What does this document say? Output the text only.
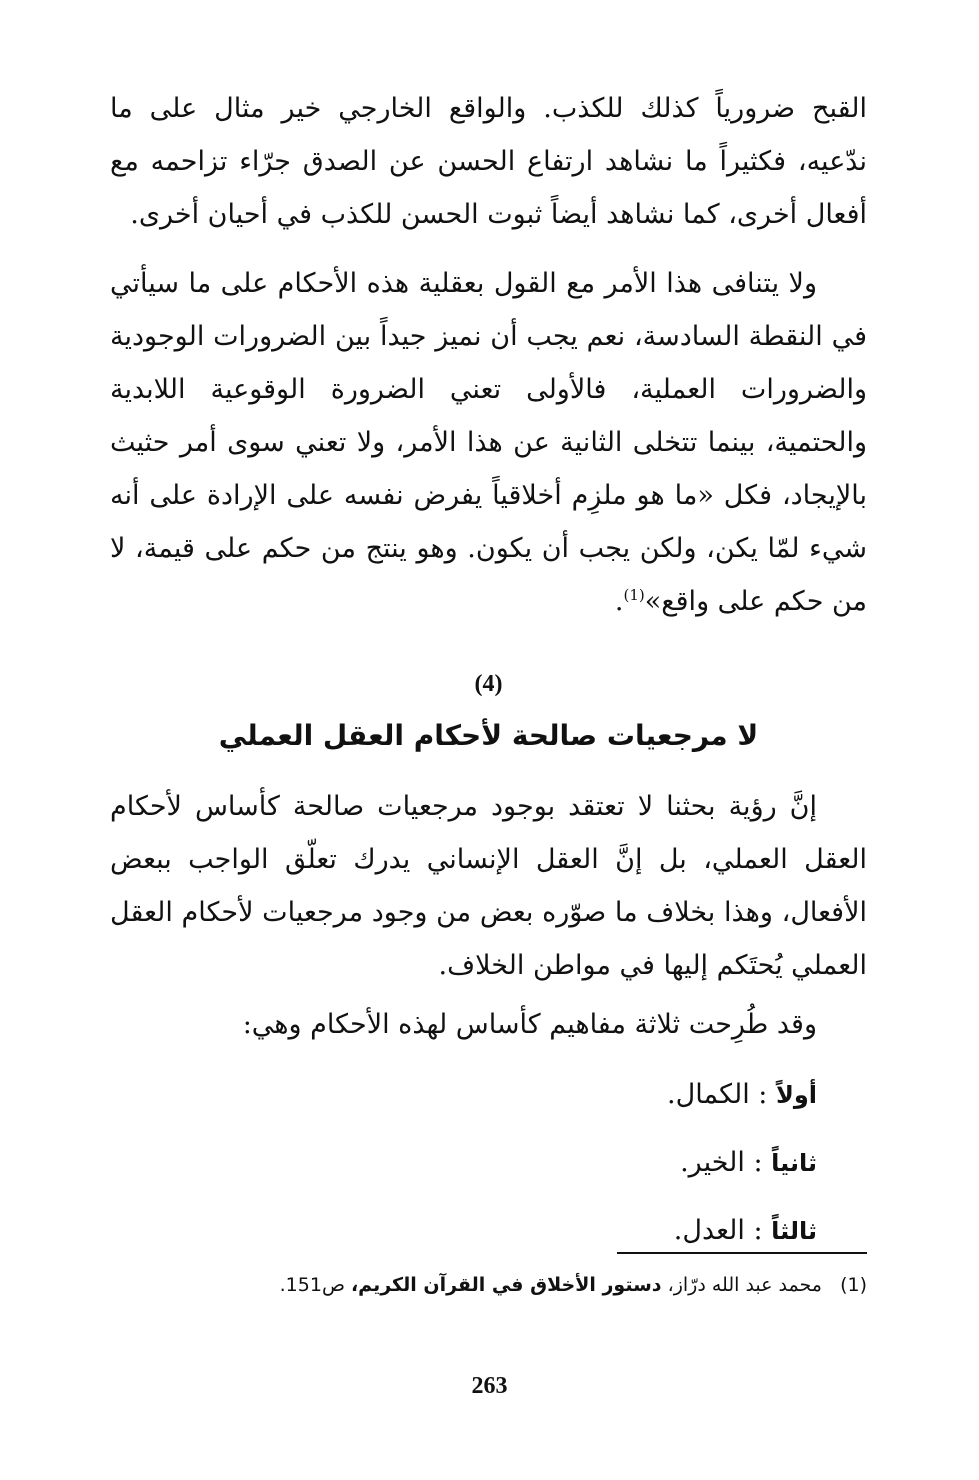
القبح ضرورياً كذلك للكذب. والواقع الخارجي خير مثال على ما ندّعيه، فكثيراً ما نشاهد ارتفاع الحسن عن الصدق جرّاء تزاحمه مع أفعال أخرى، كما نشاهد أيضاً ثبوت الحسن للكذب في أحيان أخرى.

ولا يتنافى هذا الأمر مع القول بعقلية هذه الأحكام على ما سيأتي في النقطة السادسة، نعم يجب أن نميز جيداً بين الضرورات الوجودية والضرورات العملية، فالأولى تعني الضرورة الوقوعية اللابدية والحتمية، بينما تتخلى الثانية عن هذا الأمر، ولا تعني سوى أمر حثيث بالإيجاد، فكل «ما هو ملزِم أخلاقياً يفرض نفسه على الإرادة على أنه شيء لمّا يكن، ولكن يجب أن يكون. وهو ينتج من حكم على قيمة، لا من حكم على واقع»$^{(1)}$.

(4)
لا مرجعيات صالحة لأحكام العقل العملي

إنَّ رؤية بحثنا لا تعتقد بوجود مرجعيات صالحة كأساس لأحكام العقل العملي، بل إنَّ العقل الإنساني يدرك تعلّق الواجب ببعض الأفعال، وهذا بخلاف ما صوّره بعض من وجود مرجعيات لأحكام العقل العملي يُحتَكم إليها في مواطن الخلاف.

وقد طُرِحت ثلاثة مفاهيم كأساس لهذه الأحكام وهي:

أولاً : الكمال.
ثانياً : الخير.
ثالثاً : العدل.
(1)   محمد عبد الله درّاز، دستور الأخلاق في القرآن الكريم، ص151.
263
